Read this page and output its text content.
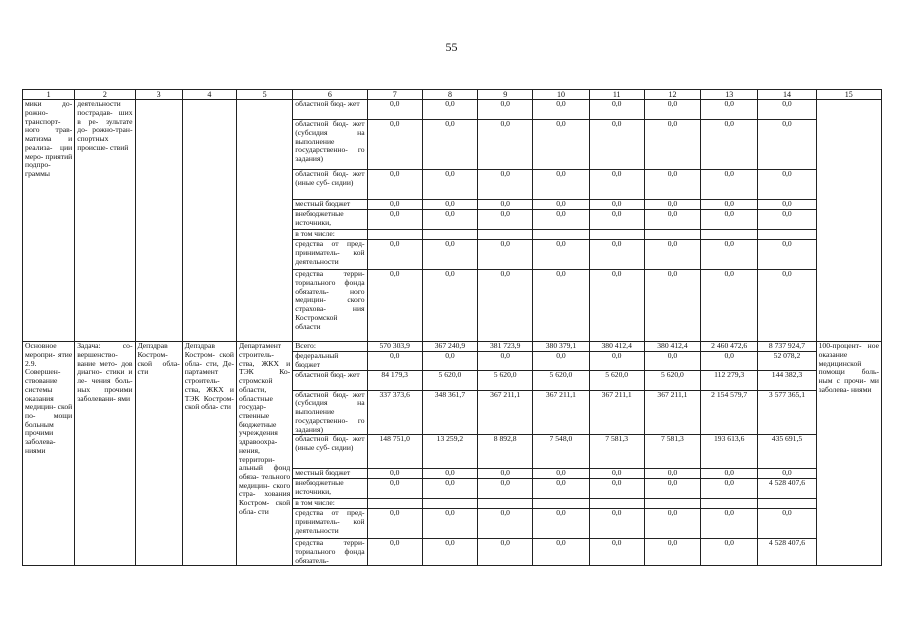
55
1	2	3	4	5	6	7	8	9	10	11	12	13	14	15
мики до- рожно- транспорт- ного трав- матизма и реализа- ции меро- приятий подпро- граммы	деятельности пострадав- ших в ре- зультате до- рожно-тран- спортных происше- ствий				областной бюд- жет	0,0	0,0	0,0	0,0	0,0	0,0	0,0	0,0	
					областной бюд- жет (субсидия на выполнение государственно- го задания)	0,0	0,0	0,0	0,0	0,0	0,0	0,0	0,0	
					областной бюд- жет (иные суб- сидии)	0,0	0,0	0,0	0,0	0,0	0,0	0,0	0,0	
					местный бюджет	0,0	0,0	0,0	0,0	0,0	0,0	0,0	0,0	
					внебюджетные источники,	0,0	0,0	0,0	0,0	0,0	0,0	0,0	0,0	
					в том числе:									
					средства от пред- приниматель- кой деятельности	0,0	0,0	0,0	0,0	0,0	0,0	0,0	0,0	
					средства терри- ториального фонда обязатель- ного медицин- ского страхова- ния Костромской области	0,0	0,0	0,0	0,0	0,0	0,0	0,0	0,0	
Основное меропри- ятие 2.9. Совершен- ствование системы оказания медицин- ской по- мощи больным прочими заболева- ниями	Задача: со- вершенство- вание мето- дов диагно- стики и ле- чения боль- ных прочими заболевани- ями	Депздрав Костром- ской обла- сти	Депздрав Костром- ской обла- сти, Де- партамент строитель- ства, ЖКХ и ТЭК Костром- ской обла- сти	Департамент строитель- ства, ЖКХ и ТЭК Ко- стромской области, областные государ- ственные бюджетные учреждения здравоохра- нения, территори- альный фонд обяза- тельного медицин- ского стра- хования Костром- ской обла- сти	Всего:	570 303,9	367 240,9	381 723,9	380 379,1	380 412,4	380 412,4	2 460 472,6	8 737 924,7	100-процент- ное оказание медицинской помощи боль- ным с прочи- ми заболева- ниями
					федеральный бюджет	0,0	0,0	0,0	0,0	0,0	0,0	0,0	52 078,2	
					областной бюд- жет	84 179,3	5 620,0	5 620,0	5 620,0	5 620,0	5 620,0	112 279,3	144 382,3	
					областной бюд- жет (субсидия на выполнение государственно- го задания)	337 373,6	348 361,7	367 211,1	367 211,1	367 211,1	367 211,1	2 154 579,7	3 577 365,1	
					областной бюд- жет (иные суб- сидии)	148 751,0	13 259,2	8 892,8	7 548,0	7 581,3	7 581,3	193 613,6	435 691,5	
					местный бюджет	0,0	0,0	0,0	0,0	0,0	0,0	0,0	0,0	
					внебюджетные источники,	0,0	0,0	0,0	0,0	0,0	0,0	0,0	4 528 407,6	
					в том числе:									
					средства от пред- приниматель- кой деятельности	0,0	0,0	0,0	0,0	0,0	0,0	0,0	0,0	
					средства терри- ториального фонда обязатель-	0,0	0,0	0,0	0,0	0,0	0,0	0,0	4 528 407,6	
